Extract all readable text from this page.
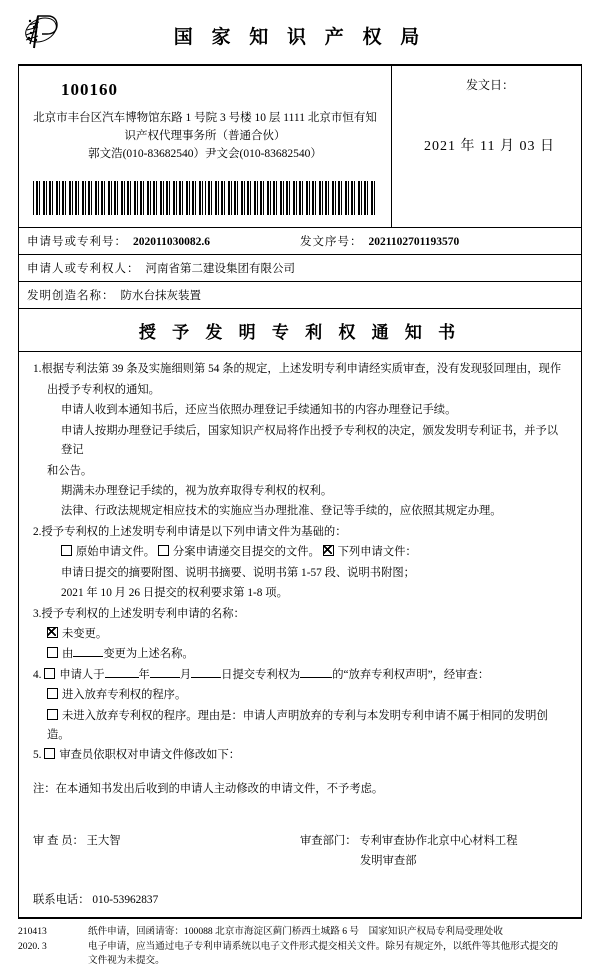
国 家 知 识 产 权 局
100160
北京市丰台区汽车博物馆东路 1 号院 3 号楼 10 层 1111 北京市恒有知
识产权代理事务所（普通合伙）
郭文浩(010-83682540）尹文会(010-83682540）
发文日：
2021 年 11 月 03 日
申请号或专利号： 202011030082.6	发文序号： 2021102701193570
申请人或专利权人： 河南省第二建设集团有限公司
发明创造名称： 防水台抹灰装置
授 予 发 明 专 利 权 通 知 书
1.根据专利法第 39 条及实施细则第 54 条的规定，上述发明专利申请经实质审查，没有发现驳回理由，现作
出授予专利权的通知。
申请人收到本通知书后，还应当依照办理登记手续通知书的内容办理登记手续。
申请人按期办理登记手续后，国家知识产权局将作出授予专利权的决定，颁发发明专利证书，并予以登记
和公告。
期满未办理登记手续的，视为放弃取得专利权的权利。
法律、行政法规规定相应技术的实施应当办理批准、登记等手续的，应依照其规定办理。
2.授予专利权的上述发明专利申请是以下列申请文件为基础的：
原始申请文件。 分案申请递交目提交的文件。 下列申请文件：
申请日提交的摘要附图、说明书摘要、说明书第 1-57 段、说明书附图；
2021 年 10 月 26 日提交的权利要求第 1-8 项。
3.授予专利权的上述发明专利申请的名称：
未变更。
由	变更为上述名称。
4. 申请人于	年	月	日提交专利权为	的“放弃专利权声明”，经审查：
进入放弃专利权的程序。
未进入放弃专利权的程序。理由是：申请人声明放弃的专利与本发明专利申请不属于相同的发明创造。
5. 审查员依职权对申请文件修改如下：
注：在本通知书发出后收到的申请人主动修改的申请文件，不予考虑。
审 查 员： 王大智	审查部门： 专利审查协作北京中心材料工程
发明审查部
联系电话： 010-53962837
210413
2020. 3
纸件申请，回函请寄：100088 北京市海淀区蓟门桥西土城路 6 号　国家知识产权局专利局受理处收
电子申请，应当通过电子专利申请系统以电子文件形式提交相关文件。除另有规定外，以纸件等其他形式提交的
文件视为未提交。
